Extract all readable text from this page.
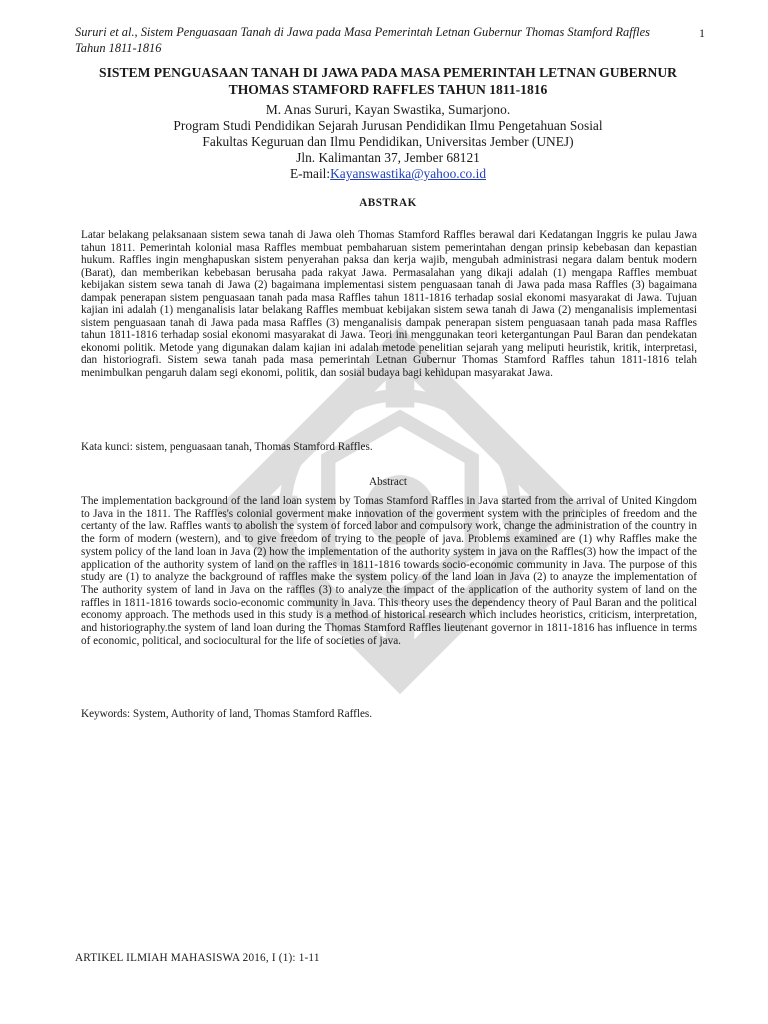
Sururi et al., Sistem Penguasaan Tanah di Jawa pada Masa Pemerintah Letnan Gubernur Thomas Stamford Raffles Tahun 1811-1816
1
SISTEM PENGUASAAN TANAH DI JAWA PADA MASA PEMERINTAH LETNAN GUBERNUR THOMAS STAMFORD RAFFLES TAHUN 1811-1816
M. Anas Sururi, Kayan Swastika, Sumarjono.
Program Studi Pendidikan Sejarah Jurusan Pendidikan Ilmu Pengetahuan Sosial
Fakultas Keguruan dan Ilmu Pendidikan, Universitas Jember (UNEJ)
Jln. Kalimantan 37, Jember 68121
E-mail:Kayanswastika@yahoo.co.id
ABSTRAK

Latar belakang pelaksanaan sistem sewa tanah di Jawa oleh Thomas Stamford Raffles berawal dari Kedatangan Inggris ke pulau Jawa tahun 1811. Pemerintah kolonial masa Raffles membuat pembaharuan sistem pemerintahan dengan prinsip kebebasan dan kepastian hukum. Raffles ingin menghapuskan sistem penyerahan paksa dan kerja wajib, mengubah administrasi negara dalam bentuk modern (Barat), dan memberikan kebebasan berusaha pada rakyat Jawa. Permasalahan yang dikaji adalah (1) mengapa Raffles membuat kebijakan sistem sewa tanah di Jawa (2) bagaimana implementasi sistem penguasaan tanah di Jawa pada masa Raffles (3) bagaimana dampak penerapan sistem penguasaan tanah pada masa Raffles tahun 1811-1816 terhadap sosial ekonomi masyarakat di Jawa. Tujuan kajian ini adalah (1) menganalisis latar belakang Raffles membuat kebijakan sistem sewa tanah di Jawa (2) menganalisis implementasi sistem penguasaan tanah di Jawa pada masa Raffles (3) menganalisis dampak penerapan sistem penguasaan tanah pada masa Raffles tahun 1811-1816 terhadap sosial ekonomi masyarakat di Jawa. Teori ini menggunakan teori ketergantungan Paul Baran dan pendekatan ekonomi politik. Metode yang digunakan dalam kajian ini adalah metode penelitian sejarah yang meliputi heuristik, kritik, interpretasi, dan historiografi. Sistem sewa tanah pada masa pemerintah Letnan Gubernur Thomas Stamford Raffles tahun 1811-1816 telah menimbulkan pengaruh dalam segi ekonomi, politik, dan sosial budaya bagi kehidupan masyarakat Jawa.

Kata kunci: sistem, penguasaan tanah, Thomas Stamford Raffles.

Abstract

The implementation background of the land loan system by Tomas Stamford Raffles in Java started from the arrival of United Kingdom to Java in the 1811. The Raffles's colonial goverment make innovation of the goverment system with the principles of freedom and the certanty of the law. Raffles wants to abolish the system of forced labor and compulsory work, change the administration of the country in the form of modern (western), and to give freedom of trying to the people of java. Problems examined are (1) why Raffles make the system policy of the land loan in Java (2) how the implementation of the authority system in java on the Raffles(3) how the impact of the application of the authority system of land on the raffles in 1811-1816 towards socio-economic community in Java. The purpose of this study are (1) to analyze the background of raffles make the system policy of the land loan in Java (2) to anayze the implementation of The authority system of land in Java on the raffles (3) to analyze the impact of the application of the authority system of land on the raffles in 1811-1816 towards socio-economic community in Java. This theory uses the dependency theory of Paul Baran and the political economy approach. The methods used in this study is a method of historical research which includes heoristics, criticism, interpretation, and historiography.the system of land loan during the Thomas Stamford Raffles lieutenant governor in 1811-1816 has influence in terms of economic, political, and sociocultural for the life of societies of java.

Keywords: System, Authority of land, Thomas Stamford Raffles.

ARTIKEL ILMIAH MAHASISWA 2016, I (1): 1-11
